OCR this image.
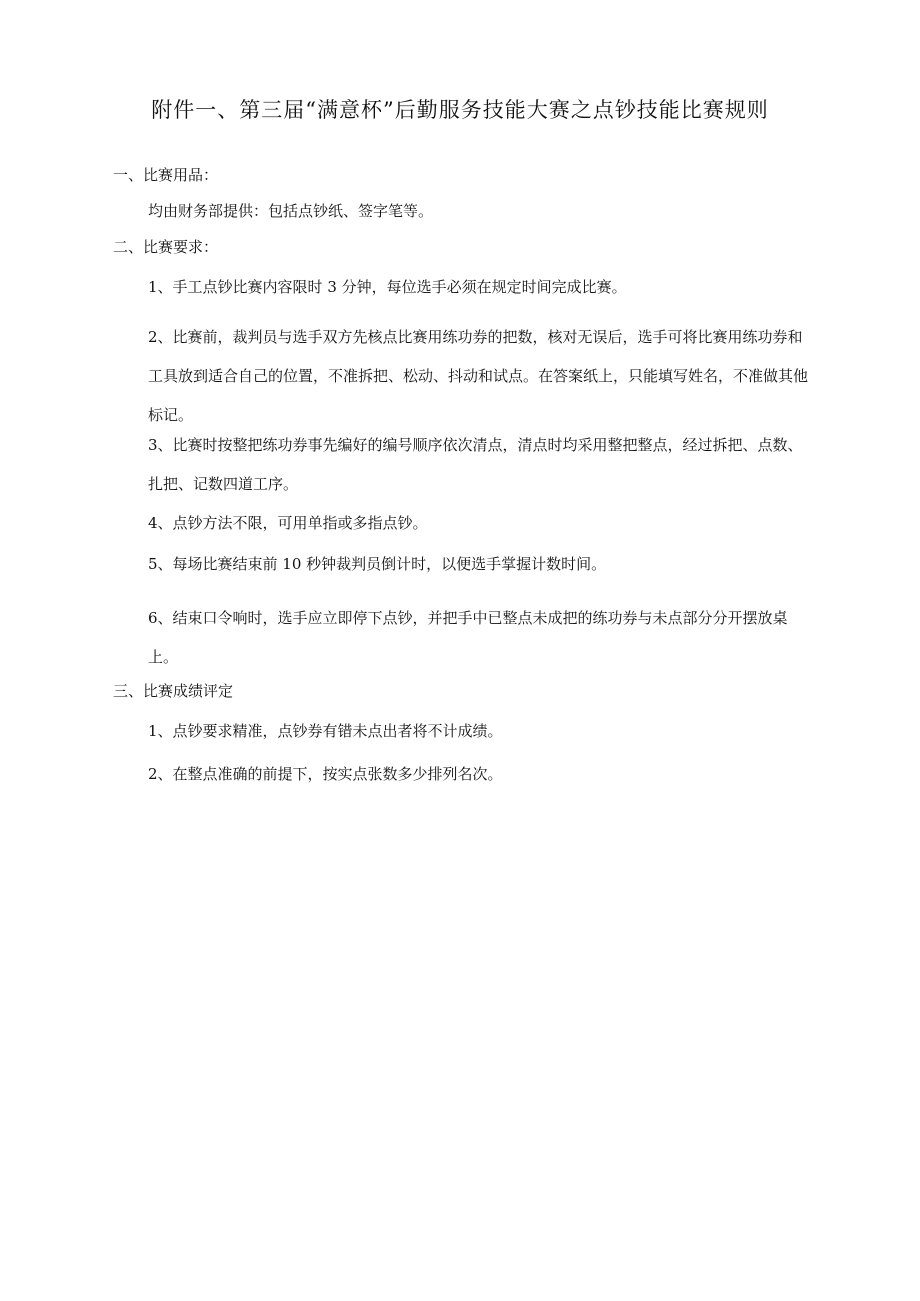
附件一、第三届“满意杯”后勤服务技能大赛之点钞技能比赛规则
一、比赛用品：
均由财务部提供：包括点钞纸、签字笔等。
二、比赛要求：
1、手工点钞比赛内容限时 3 分钟，每位选手必须在规定时间完成比赛。
2、比赛前，裁判员与选手双方先核点比赛用练功券的把数，核对无误后，选手可将比赛用练功券和工具放到适合自己的位置，不准拆把、松动、抖动和试点。在答案纸上，只能填写姓名，不准做其他标记。
3、比赛时按整把练功券事先编好的编号顺序依次清点，清点时均采用整把整点，经过拆把、点数、扎把、记数四道工序。
4、点钞方法不限，可用单指或多指点钞。
5、每场比赛结束前 10 秒钟裁判员倒计时，以便选手掌握计数时间。
6、结束口令响时，选手应立即停下点钞，并把手中已整点未成把的练功券与未点部分分开摆放桌上。
三、比赛成绩评定
1、点钞要求精准，点钞券有错未点出者将不计成绩。
2、在整点准确的前提下，按实点张数多少排列名次。
